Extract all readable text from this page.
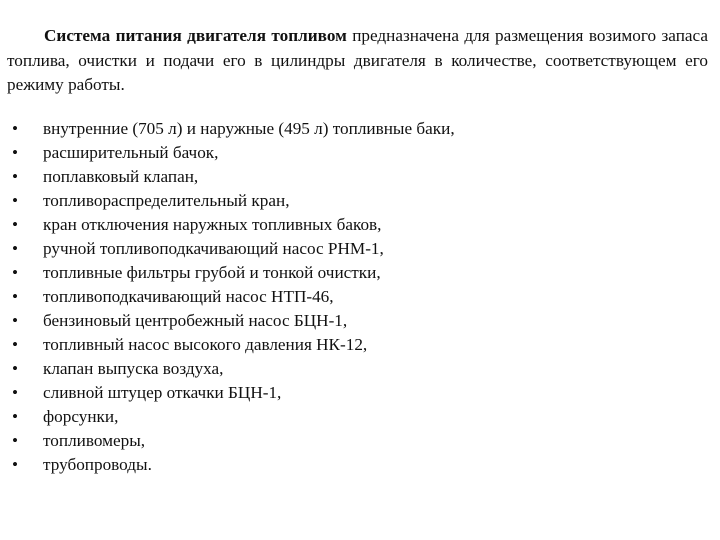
Система питания двигателя топливом предназначена для размещения возимого запаса топлива, очистки и подачи его в цилиндры двигателя в количестве, соответствующем его режиму работы.

• внутренние (705 л) и наружные (495 л) топливные баки,
• расширительный бачок,
• поплавковый клапан,
• топливораспределительный кран,
• кран отключения наружных топливных баков,
• ручной топливоподкачивающий насос РНМ-1,
• топливные фильтры грубой и тонкой очистки,
• топливоподкачивающий насос НТП-46,
• бензиновый центробежный насос БЦН-1,
• топливный насос высокого давления НК-12,
• клапан выпуска воздуха,
• сливной штуцер откачки БЦН-1,
• форсунки,
• топливомеры,
• трубопроводы.
